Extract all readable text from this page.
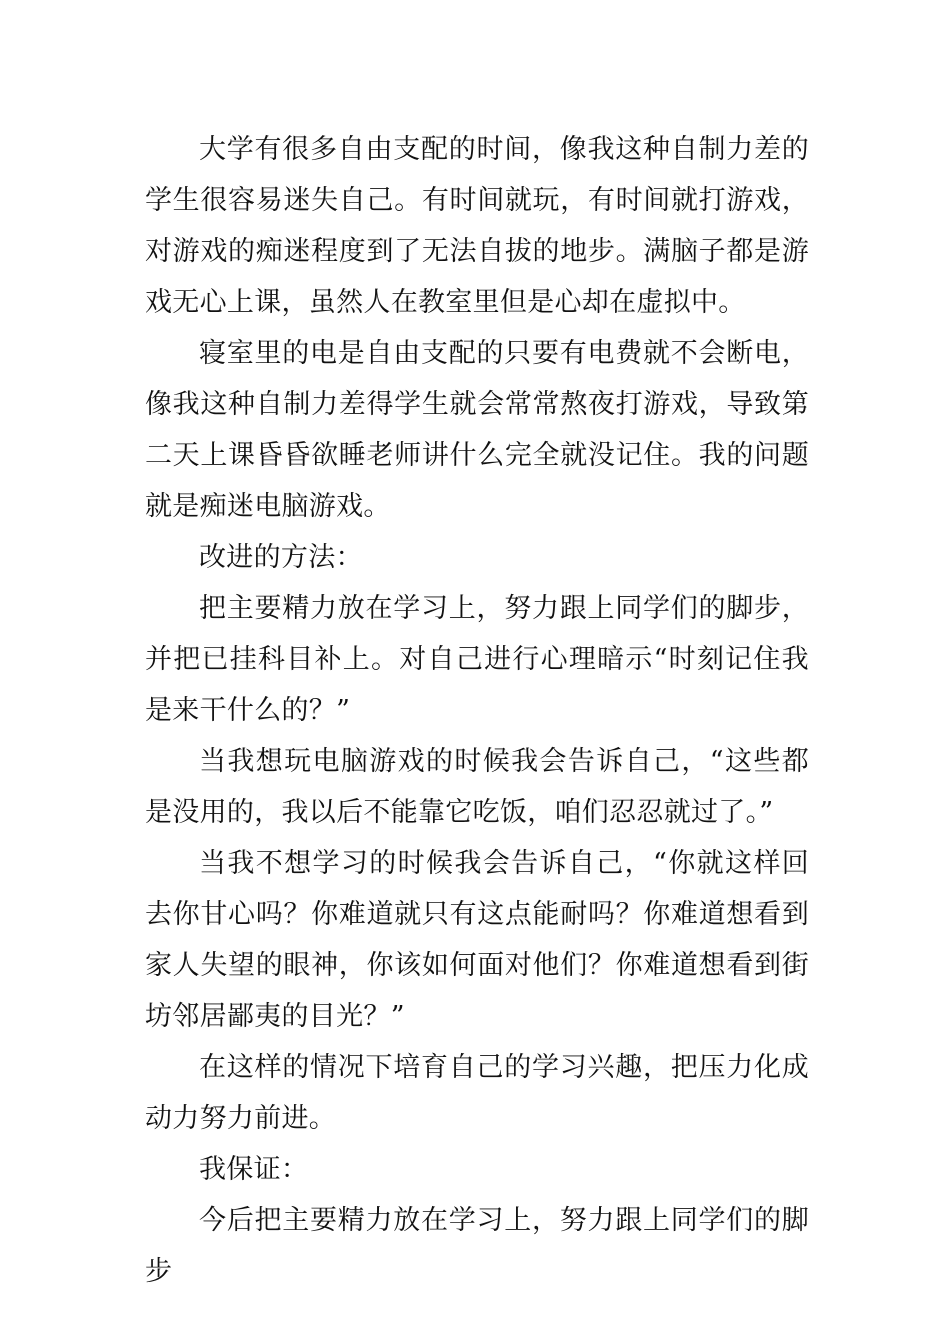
大学有很多自由支配的时间，像我这种自制力差的学生很容易迷失自己。有时间就玩，有时间就打游戏，对游戏的痴迷程度到了无法自拔的地步。满脑子都是游戏无心上课，虽然人在教室里但是心却在虚拟中。

寝室里的电是自由支配的只要有电费就不会断电，像我这种自制力差得学生就会常常熬夜打游戏，导致第二天上课昏昏欲睡老师讲什么完全就没记住。我的问题就是痴迷电脑游戏。

改进的方法：

把主要精力放在学习上，努力跟上同学们的脚步，并把已挂科目补上。对自己进行心理暗示“时刻记住我是来干什么的？”

当我想玩电脑游戏的时候我会告诉自己，“这些都是没用的，我以后不能靠它吃饭，咱们忍忍就过了。”

当我不想学习的时候我会告诉自己，“你就这样回去你甘心吗？你难道就只有这点能耐吗？你难道想看到家人失望的眼神，你该如何面对他们？你难道想看到街坊邻居鄙夷的目光？”

在这样的情况下培育自己的学习兴趣，把压力化成动力努力前进。

我保证：

今后把主要精力放在学习上，努力跟上同学们的脚步
